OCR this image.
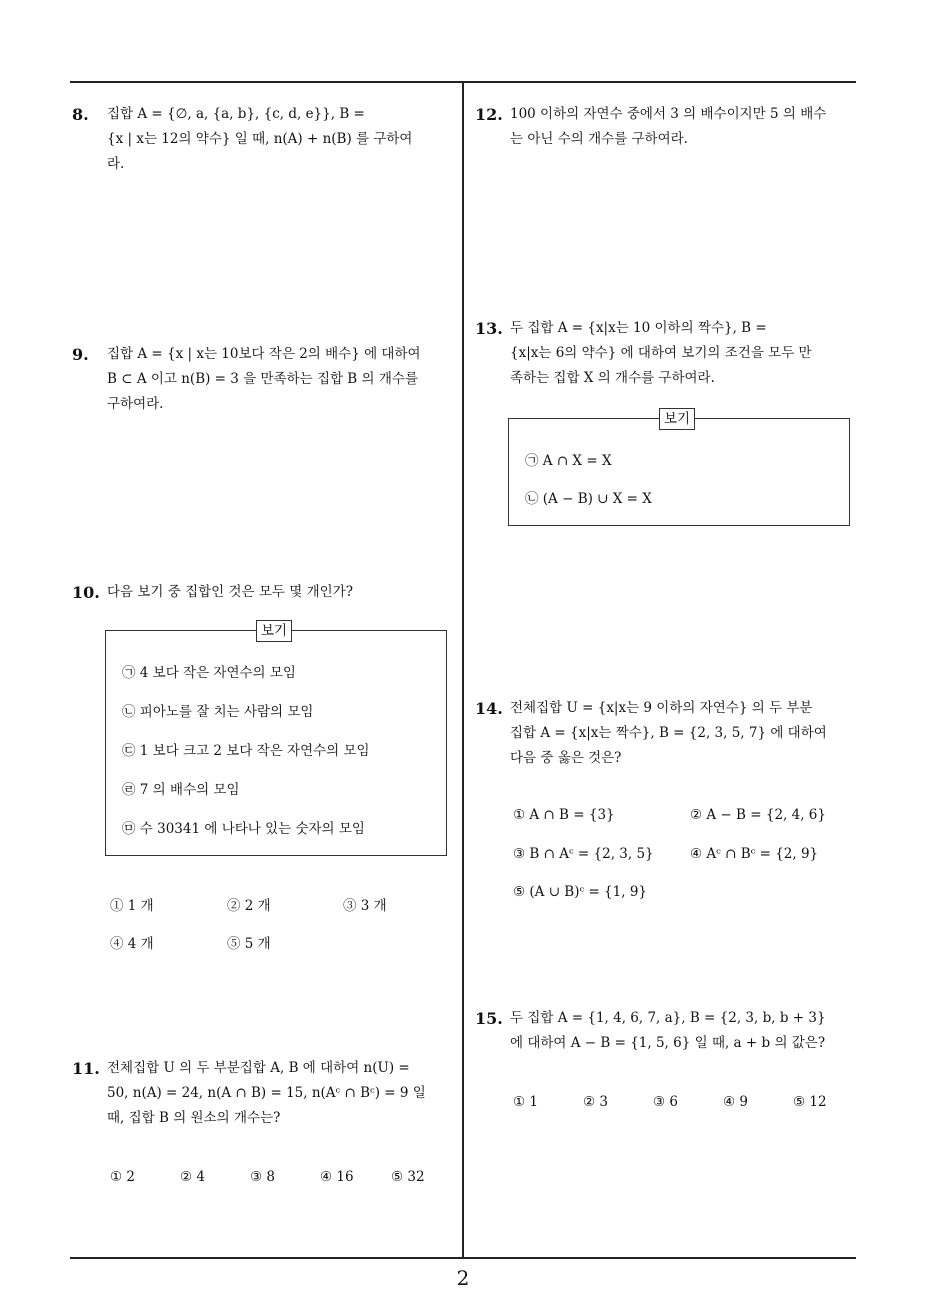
8. 집합 A = {∅, a, {a, b}, {c, d, e}}, B =

{x | x는 12의 약수} 일 때, n(A) + n(B) 를 구하여

라.

9. 집합 A = {x | x는 10보다 작은 2의 배수} 에 대하여

B ⊂ A 이고 n(B) = 3 을 만족하는 집합 B 의 개수를

구하여라.

10. 다음 보기 중 집합인 것은 모두 몇 개인가?

보기
㉠ 4 보다 작은 자연수의 모임
㉡ 피아노를 잘 치는 사람의 모임
㉢ 1 보다 크고 2 보다 작은 자연수의 모임
㉣ 7 의 배수의 모임
㉤ 수 30341 에 나타나 있는 숫자의 모임
① 1 개	② 2 개	③ 3 개
④ 4 개	⑤ 5 개
11. 전체집합 U 의 두 부분집합 A, B 에 대하여 n(U) =

50, n(A) = 24, n(A ∩ B) = 15, n(Aᶜ ∩ Bᶜ) = 9 일

때, 집합 B 의 원소의 개수는?

① 2	② 4	③ 8	④ 16	⑤ 32
12. 100 이하의 자연수 중에서 3 의 배수이지만 5 의 배수

는 아닌 수의 개수를 구하여라.

13. 두 집합 A = {x|x는 10 이하의 짝수}, B =

{x|x는 6의 약수} 에 대하여 보기의 조건을 모두 만

족하는 집합 X 의 개수를 구하여라.

보기
㉠ A ∩ X = X
㉡ (A − B) ∪ X = X
14. 전체집합 U = {x|x는 9 이하의 자연수} 의 두 부분

집합 A = {x|x는 짝수}, B = {2, 3, 5, 7} 에 대하여

다음 중 옳은 것은?

① A ∩ B = {3}	② A − B = {2, 4, 6}
③ B ∩ Aᶜ = {2, 3, 5}	④ Aᶜ ∩ Bᶜ = {2, 9}
⑤ (A ∪ B)ᶜ = {1, 9}
15. 두 집합 A = {1, 4, 6, 7, a}, B = {2, 3, b, b + 3}

에 대하여 A − B = {1, 5, 6} 일 때, a + b 의 값은?

① 1	② 3	③ 6	④ 9	⑤ 12
2
